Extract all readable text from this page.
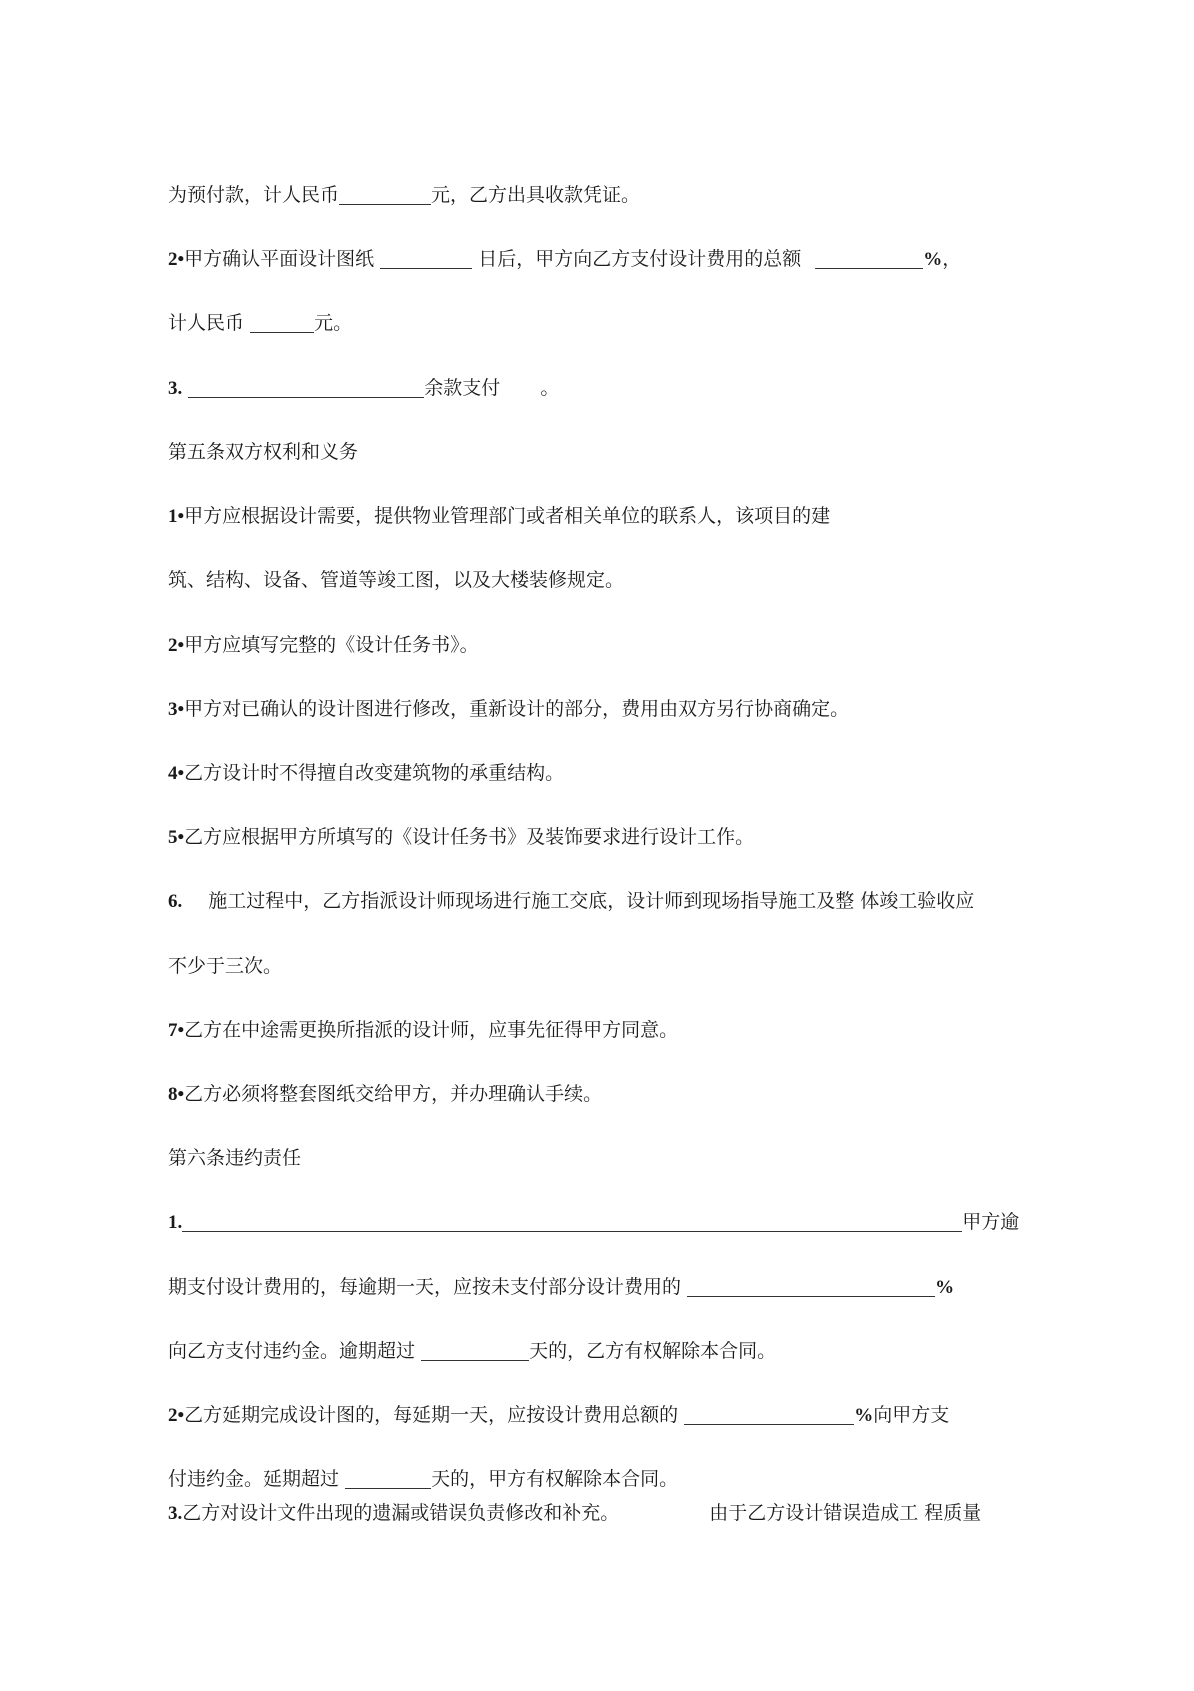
为预付款，计人民币	元，乙方出具收款凭证。
2•甲方确认平面设计图纸	日后，甲方向乙方支付设计费用的总额	%，
计人民币	元。
3.	余款支付 。
第五条双方权利和义务
1•甲方应根据设计需要，提供物业管理部门或者相关单位的联系人，该项目的建
筑、结构、设备、管道等竣工图，以及大楼装修规定。
2•甲方应填写完整的《设计任务书》。
3•甲方对已确认的设计图进行修改，重新设计的部分，费用由双方另行协商确定。
4•乙方设计时不得擅自改变建筑物的承重结构。
5•乙方应根据甲方所填写的《设计任务书》及装饰要求进行设计工作。
6. 施工过程中，乙方指派设计师现场进行施工交底，设计师到现场指导施工及整 体竣工验收应
不少于三次。
7•乙方在中途需更换所指派的设计师，应事先征得甲方同意。
8•乙方必须将整套图纸交给甲方，并办理确认手续。
第六条违约责任
1.	甲方逾
期支付设计费用的，每逾期一天，应按未支付部分设计费用的	%
向乙方支付违约金。逾期超过	天的，乙方有权解除本合同。
2•乙方延期完成设计图的，每延期一天，应按设计费用总额的	%向甲方支
付违约金。延期超过	天的，甲方有权解除本合同。
3.乙方对设计文件出现的遗漏或错误负责修改和补充。	由于乙方设计错误造成工 程质量
